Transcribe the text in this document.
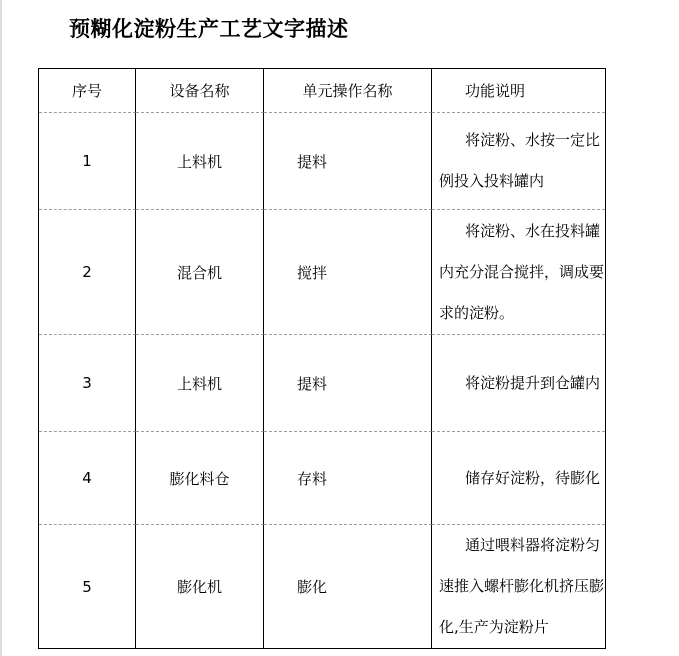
预糊化淀粉生产工艺文字描述
序号	设备名称	单元操作名称	功能说明
1	上料机	提料	将淀粉、水按一定比例投入投料罐内

2	混合机	搅拌	将淀粉、水在投料罐内充分混合搅拌，调成要求的淀粉。

3	上料机	提料	将淀粉提升到仓罐内

4	膨化料仓	存料	储存好淀粉，待膨化

5	膨化机	膨化	通过喂料器将淀粉匀速推入螺杆膨化机挤压膨化,生产为淀粉片
